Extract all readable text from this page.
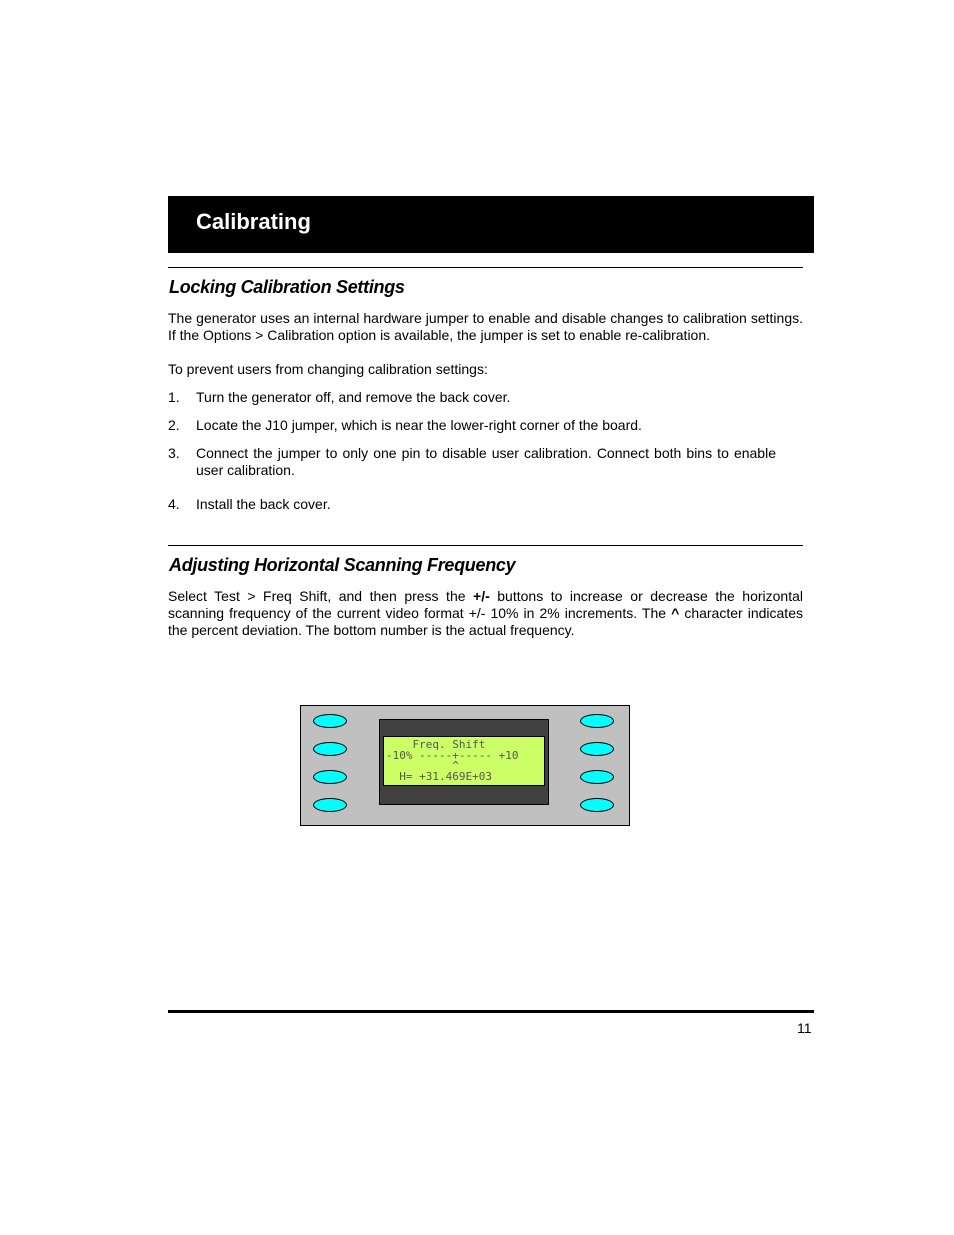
Calibrating
Locking Calibration Settings
The generator uses an internal hardware jumper to enable and disable changes to calibration settings. If the Options > Calibration option is available, the jumper is set to enable re-calibration.
To prevent users from changing calibration settings:
1. Turn the generator off, and remove the back cover.
2. Locate the J10 jumper, which is near the lower-right corner of the board.
3. Connect the jumper to only one pin to disable user calibration. Connect both bins to enable user calibration.
4. Install the back cover.
Adjusting Horizontal Scanning Frequency
Select Test > Freq Shift, and then press the +/- buttons to increase or decrease the horizontal scanning frequency of the current video format +/- 10% in 2% increments. The ^ character indicates the percent deviation. The bottom number is the actual frequency.
Freq. Shift
-10% -----+----- +10
^
H= +31.469E+03
11
